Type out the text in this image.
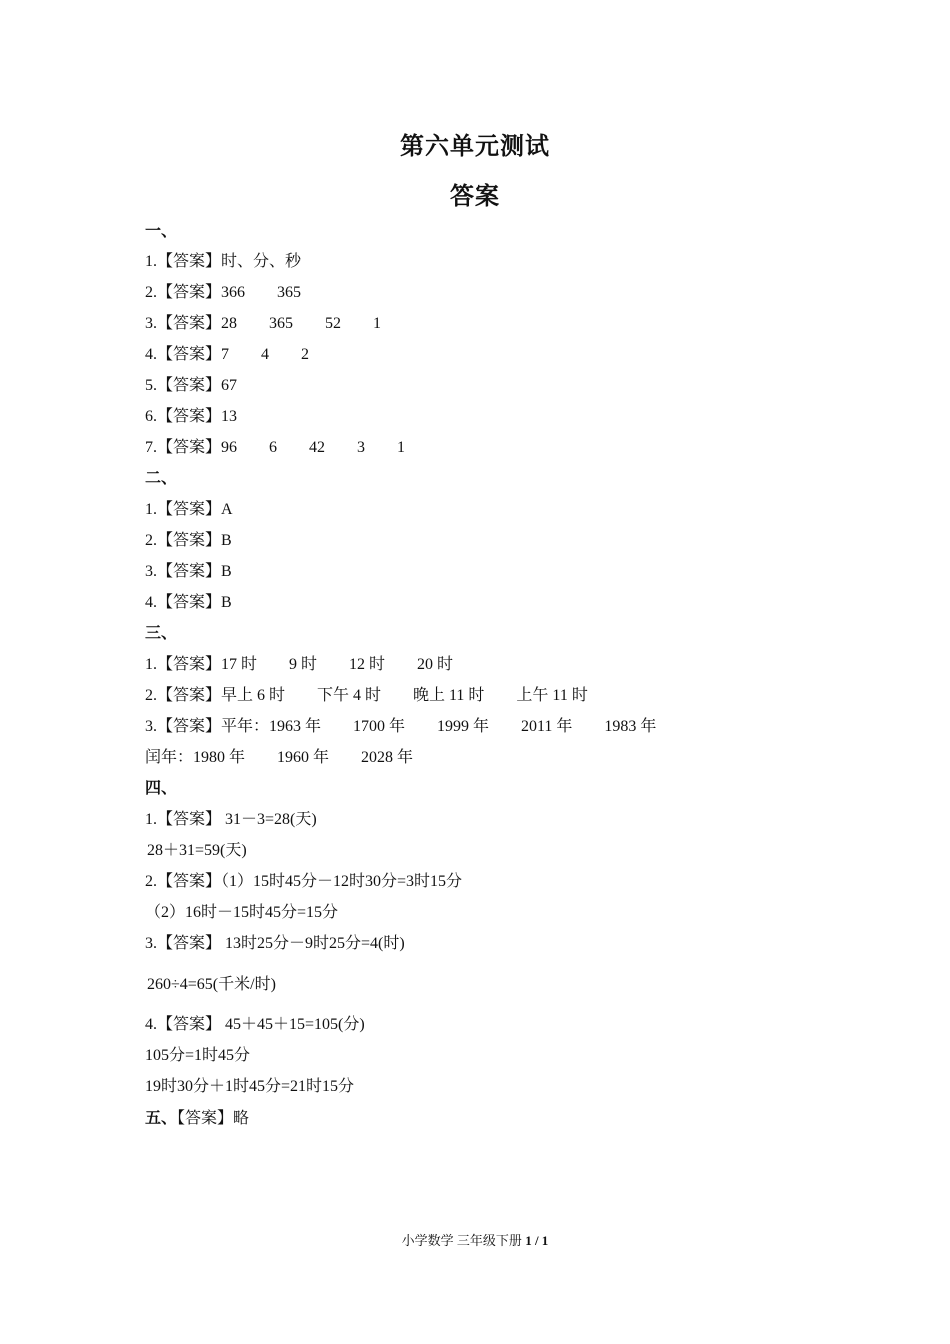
第六单元测试
答案
一、
1.【答案】时、分、秒
2.【答案】366        365
3.【答案】28        365        52        1
4.【答案】7        4        2
5.【答案】67
6.【答案】13
7.【答案】96        6        42        3        1
二、
1.【答案】A
2.【答案】B
3.【答案】B
4.【答案】B
三、
1.【答案】17 时        9 时        12 时        20 时
2.【答案】早上 6 时        下午 4 时        晚上 11 时        上午 11 时
3.【答案】平年：1963 年        1700 年        1999 年        2011 年        1983 年
闰年：1980 年        1960 年        2028 年
四、
1.【答案】 31－3=28(天)
28＋31=59(天)
2.【答案】（1）15时45分－12时30分=3时15分
（2）16时－15时45分=15分
3.【答案】 13时25分－9时25分=4(时)
260÷4=65(千米/时)
4.【答案】 45＋45＋15=105(分)
105分=1时45分
19时30分＋1时45分=21时15分
五、【答案】略
小学数学 三年级下册 1 / 1
